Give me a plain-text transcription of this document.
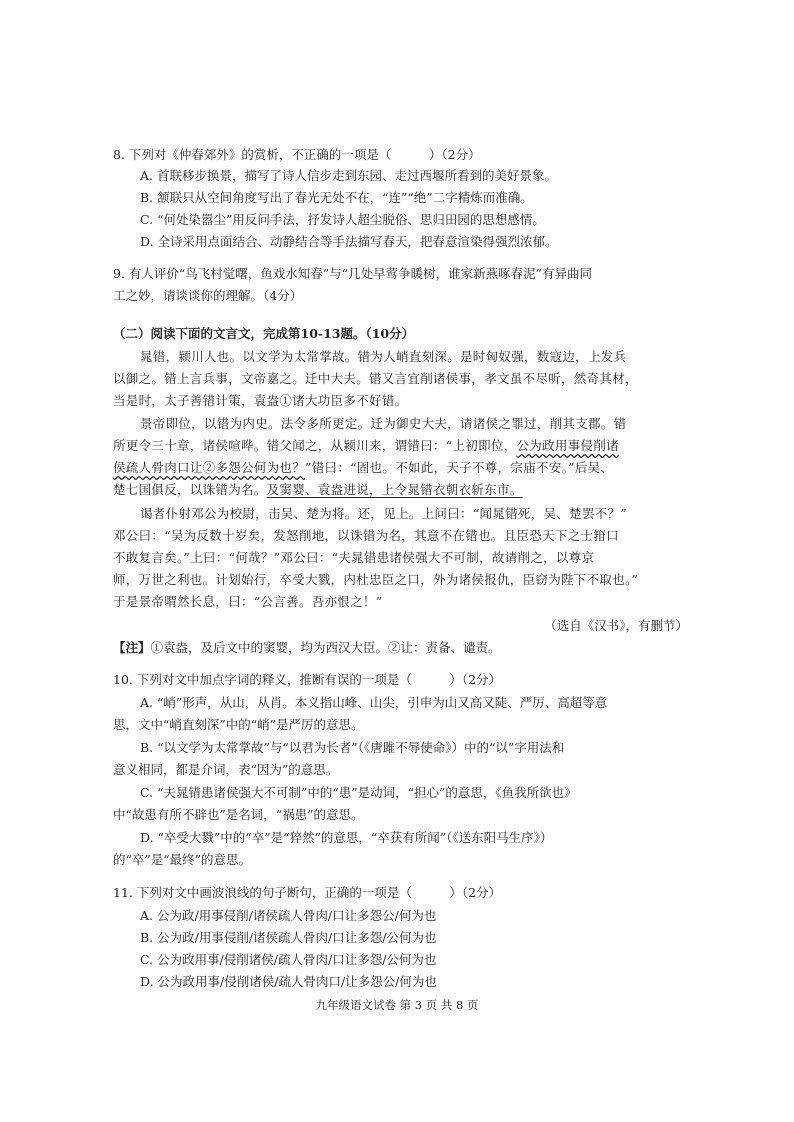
8. 下列对《仲春郊外》的赏析，不正确的一项是（　　　）（2分）
A. 首联移步换景，描写了诗人信步走到东园、走过西堰所看到的美好景象。
B. 颔联只从空间角度写出了春光无处不在，“连”“绝”二字精炼而准确。
C. “何处染嚣尘”用反问手法，抒发诗人超尘脱俗、思归田园的思想感情。
D. 全诗采用点面结合、动静结合等手法描写春天，把春意渲染得强烈浓郁。
9. 有人评价“鸟飞村觉曙，鱼戏水知春”与“几处早莺争暖树，谁家新燕啄春泥”有异曲同
工之妙，请谈谈你的理解。（4分）
（二）阅读下面的文言文，完成第10-13题。（10分）
晁错，颍川人也。以文学为太常掌故。错为人峭直刻深。是时匈奴强，数寇边，上发兵
以御之。错上言兵事，文帝嘉之。迁中大夫。错又言宜削诸侯事，孝文虽不尽听，然奇其材，
当是时，太子善错计策，袁盎①诸大功臣多不好错。
景帝即位，以错为内史。法令多所更定。迁为御史大夫，请诸侯之罪过，削其支郡。错
所更令三十章，诸侯喧哗。错父闻之，从颍川来，谓错曰：“上初即位，公为政用事侵削诸
侯疏人骨肉口让②多怨公何为也？”错曰：“固也。不如此，天子不尊，宗庙不安。”后吴、
楚七国俱反，以诛错为名。及窦婴、袁盎进说，上令晁错衣朝衣斩东市。
谒者仆射邓公为校尉，击吴、楚为将。还，见上。上问曰：“闻晁错死，吴、楚罢不？”
邓公曰：“吴为反数十岁矣，发怒削地，以诛错为名，其意不在错也。且臣恐天下之士箝口
不敢复言矣。”上曰：“何哉？”邓公曰：“夫晁错患诸侯强大不可制，故请削之，以尊京
师，万世之利也。计划始行，卒受大戮，内杜忠臣之口，外为诸侯报仇，臣窃为陛下不取也。”
于是景帝喟然长息，曰：“公言善。吾亦恨之！”
（选自《汉书》，有删节）
【注】①袁盎，及后文中的窦婴，均为西汉大臣。②让：责备、谴责。
10. 下列对文中加点字词的释义，推断有误的一项是（　　　）（2分）
A. “峭”形声，从山，从肖。本义指山峰、山尖，引申为山又高又陡、严厉、高超等意
思，文中“峭直刻深”中的“峭”是严厉的意思。
B. “以文学为太常掌故”与“以君为长者”（《唐雎不辱使命》）中的“以”字用法和
意义相同，都是介词，表“因为”的意思。
C. “夫晁错患诸侯强大不可制”中的“患”是动词，“担心”的意思，《鱼我所欲也》
中“故患有所不辟也”是名词，“祸患”的意思。
D. “卒受大戮”中的“卒”是“猝然”的意思，“卒获有所闻”（《送东阳马生序》）
的“卒”是“最终”的意思。
11. 下列对文中画波浪线的句子断句，正确的一项是（　　　）（2分）
A. 公为政/用事侵削/诸侯疏人骨肉/口让多怨公/何为也
B. 公为政/用事侵削/诸侯疏人骨肉/口让多怨/公何为也
C. 公为政用事/侵削诸侯/疏人骨肉/口让多怨/公何为也
D. 公为政用事/侵削诸侯/疏人骨肉口/让多怨公/何为也
九年级语文试卷 第 3 页 共 8 页
